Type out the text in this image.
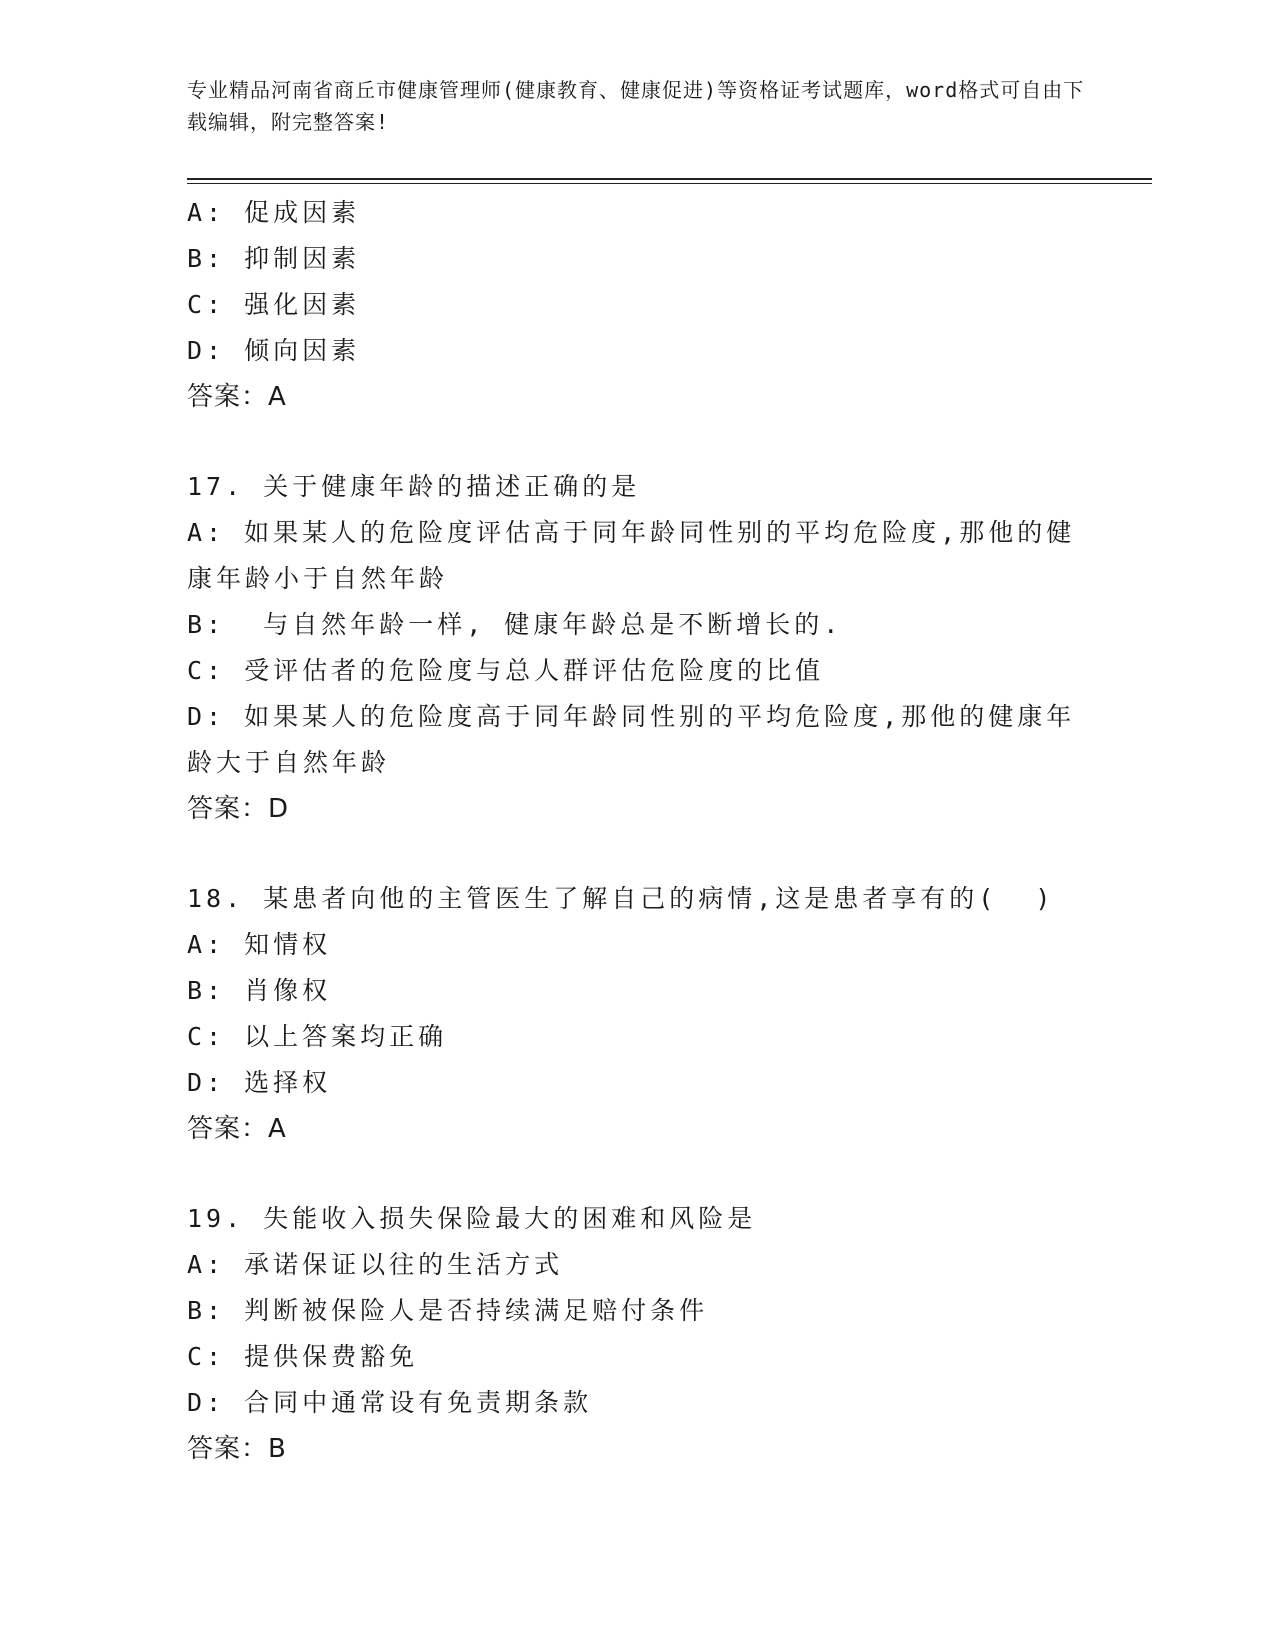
专业精品河南省商丘市健康管理师(健康教育、健康促进)等资格证考试题库，word格式可自由下载编辑，附完整答案!
A: 促成因素
B: 抑制因素
C: 强化因素
D: 倾向因素
答案：A
17. 关于健康年龄的描述正确的是
A: 如果某人的危险度评估高于同年龄同性别的平均危险度,那他的健康年龄小于自然年龄
B:  与自然年龄一样, 健康年龄总是不断增长的.
C: 受评估者的危险度与总人群评估危险度的比值
D: 如果某人的危险度高于同年龄同性别的平均危险度,那他的健康年龄大于自然年龄
答案：D
18. 某患者向他的主管医生了解自己的病情,这是患者享有的(  )
A: 知情权
B: 肖像权
C: 以上答案均正确
D: 选择权
答案：A
19. 失能收入损失保险最大的困难和风险是
A: 承诺保证以往的生活方式
B: 判断被保险人是否持续满足赔付条件
C: 提供保费豁免
D: 合同中通常设有免责期条款
答案：B
